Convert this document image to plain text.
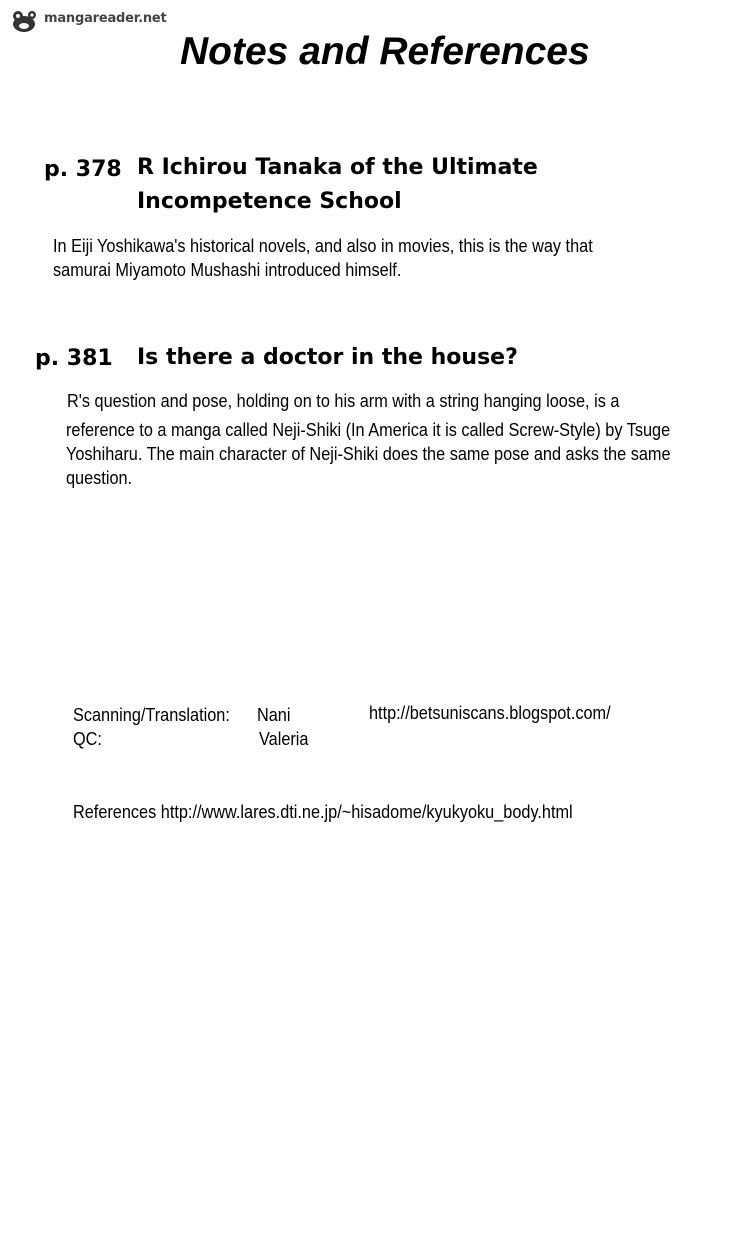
mangareader.net
Notes and References
p. 378 R Ichirou Tanaka of the Ultimate
Incompetence School
In Eiji Yoshikawa's historical novels, and also in movies, this is the way that
samurai Miyamoto Mushashi introduced himself.
p. 381 Is there a doctor in the house?
R's question and pose, holding on to his arm with a string hanging loose, is a
reference to a manga called Neji-Shiki (In America it is called Screw-Style) by Tsuge
Yoshiharu. The main character of Neji-Shiki does the same pose and asks the same
question.
Scanning/Translation: Nani	http://betsuniscans.blogspot.com/
QC:	Valeria
References http://www.lares.dti.ne.jp/~hisadome/kyukyoku_body.html
